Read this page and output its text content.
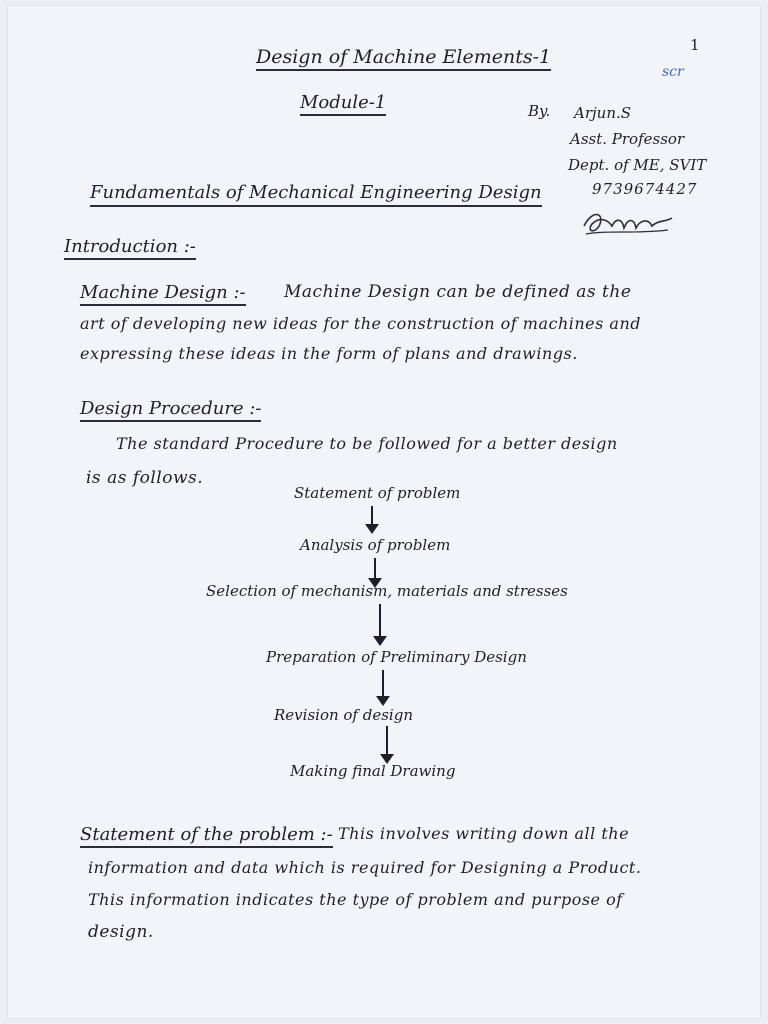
Design of Machine Elements-1
1
scr
Module-1	By. Arjun.S
Asst. Professor
Dept. of ME, SVIT
9739674427
Fundamentals of Mechanical Engineering Design
Introduction :-
Machine Design :- Machine Design can be defined as the
art of developing new ideas for the construction of machines and
expressing these ideas in the form of plans and drawings.
Design Procedure :-
The standard Procedure to be followed for a better design
is as follows.
Statement of problem
Analysis of problem
Selection of mechanism, materials and stresses
Preparation of Preliminary Design
Revision of design
Making final Drawing
Statement of the problem :- This involves writing down all the
information and data which is required for Designing a Product.
This information indicates the type of problem and purpose of
design.
